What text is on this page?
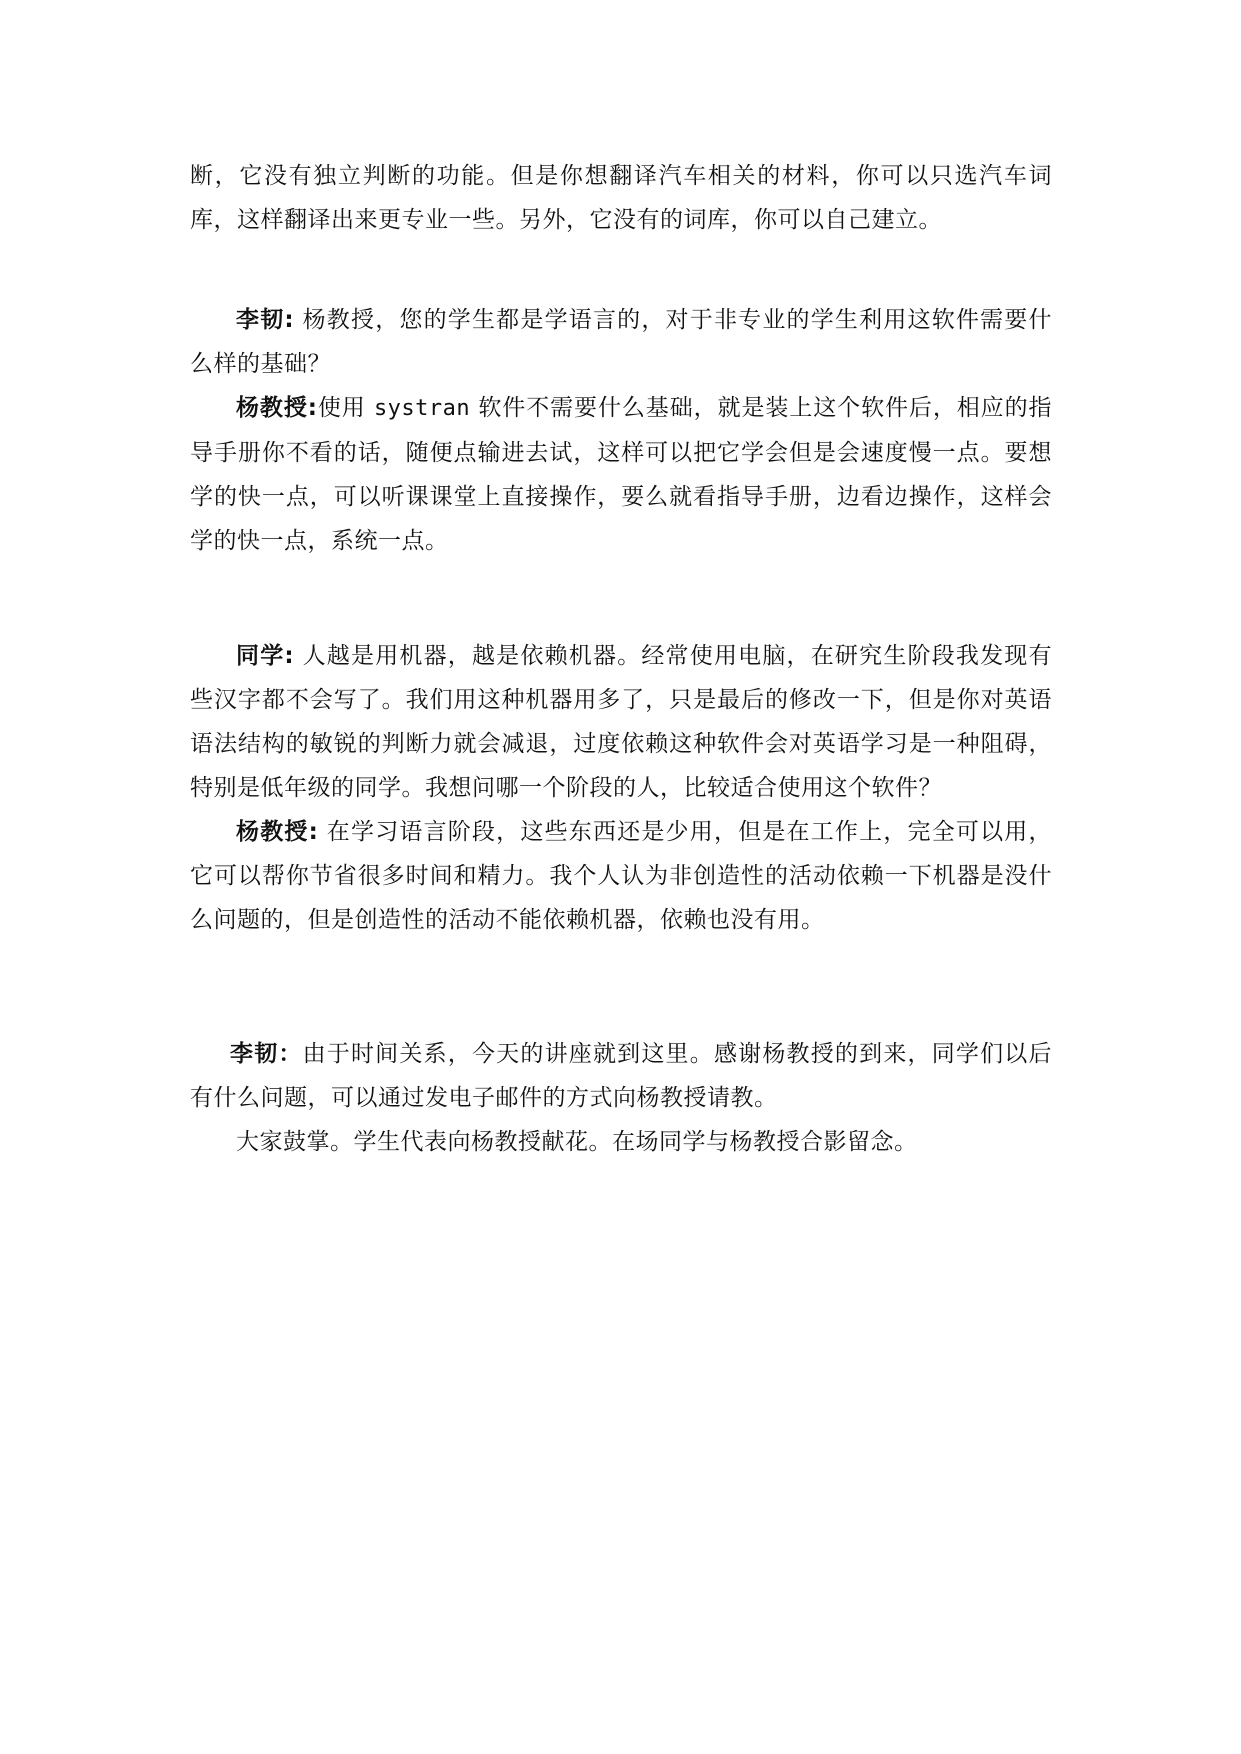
断，它没有独立判断的功能。但是你想翻译汽车相关的材料，你可以只选汽车词库，这样翻译出来更专业一些。另外，它没有的词库，你可以自己建立。

李韧: 杨教授，您的学生都是学语言的，对于非专业的学生利用这软件需要什么样的基础？

杨教授:使用 systran 软件不需要什么基础，就是装上这个软件后，相应的指导手册你不看的话，随便点输进去试，这样可以把它学会但是会速度慢一点。要想学的快一点，可以听课课堂上直接操作，要么就看指导手册，边看边操作，这样会学的快一点，系统一点。

同学: 人越是用机器，越是依赖机器。经常使用电脑，在研究生阶段我发现有些汉字都不会写了。我们用这种机器用多了，只是最后的修改一下，但是你对英语语法结构的敏锐的判断力就会减退，过度依赖这种软件会对英语学习是一种阻碍，特别是低年级的同学。我想问哪一个阶段的人，比较适合使用这个软件？

杨教授: 在学习语言阶段，这些东西还是少用，但是在工作上，完全可以用，它可以帮你节省很多时间和精力。我个人认为非创造性的活动依赖一下机器是没什么问题的，但是创造性的活动不能依赖机器，依赖也没有用。

李韧：由于时间关系，今天的讲座就到这里。感谢杨教授的到来，同学们以后有什么问题，可以通过发电子邮件的方式向杨教授请教。

大家鼓掌。学生代表向杨教授献花。在场同学与杨教授合影留念。
